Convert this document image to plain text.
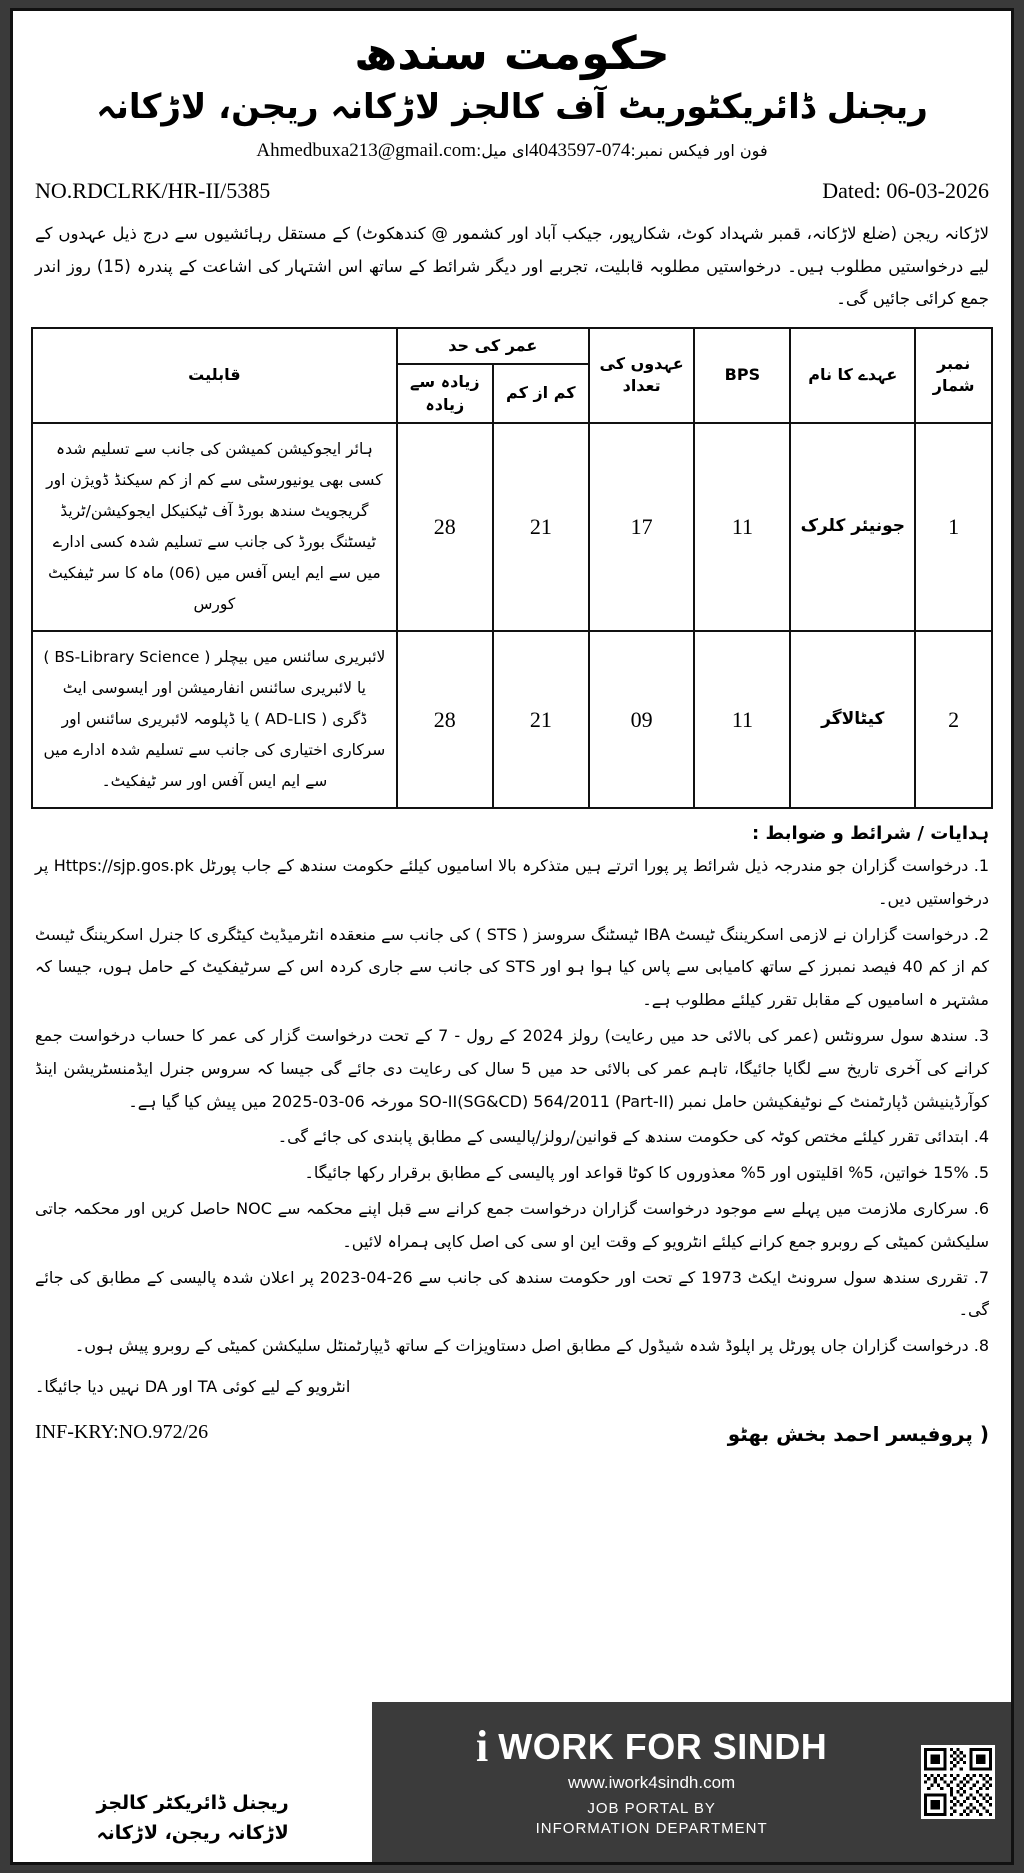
حکومت سندھ
ریجنل ڈائریکٹوریٹ آف کالجز لاڑکانہ ریجن، لاڑکانہ
فون اور فیکس نمبر:074-4043597ای میل:Ahmedbuxa213@gmail.com
NO.RDCLRK/HR-II/5385	Dated: 06-03-2026
لاڑکانہ ریجن (ضلع لاڑکانہ، قمبر شہداد کوٹ، شکارپور، جیکب آباد اور کشمور @ کندھکوٹ) کے مستقل رہائشیوں سے درج ذیل عہدوں کے لیے درخواستیں مطلوب ہیں۔ درخواستیں مطلوبہ قابلیت، تجربے اور دیگر شرائط کے ساتھ اس اشتہار کی اشاعت کے پندرہ (15) روز اندر جمع کرائی جائیں گی۔
نمبر شمار	عہدے کا نام	BPS	عہدوں کی تعداد	عمر کی حد		قابلیت
				کم از کم	زیادہ سے زیادہ	
1	جونیئر کلرک	11	17	21	28	ہائر ایجوکیشن کمیشن کی جانب سے تسلیم شدہ کسی بھی یونیورسٹی سے کم از کم سیکنڈ ڈویژن اور گریجویٹ سندھ بورڈ آف ٹیکنیکل ایجوکیشن/ٹریڈ ٹیسٹنگ بورڈ کی جانب سے تسلیم شدہ کسی ادارے میں سے ایم ایس آفس میں (06) ماہ کا سر ٹیفکیٹ کورس
2	کیٹالاگر	11	09	21	28	لائبریری سائنس میں بیچلر ( BS-Library Science ) یا لائبریری سائنس انفارمیشن اور ایسوسی ایٹ ڈگری ( AD-LIS ) یا ڈپلومہ لائبریری سائنس اور سرکاری اختیاری کی جانب سے تسلیم شدہ ادارے میں سے ایم ایس آفس اور سر ٹیفکیٹ۔
ہدایات / شرائط و ضوابط :
1. درخواست گزاران جو مندرجہ ذیل شرائط پر پورا اترتے ہیں متذکرہ بالا اسامیوں کیلئے حکومت سندھ کے جاب پورٹل Https://sjp.gos.pk پر درخواستیں دیں۔
2. درخواست گزاران نے لازمی اسکریننگ ٹیسٹ IBA ٹیسٹنگ سروسز ( STS ) کی جانب سے منعقدہ انٹرمیڈیٹ کیٹگری کا جنرل اسکریننگ ٹیسٹ کم از کم 40 فیصد نمبرز کے ساتھ کامیابی سے پاس کیا ہوا ہو اور STS کی جانب سے جاری کردہ اس کے سرٹیفکیٹ کے حامل ہوں، جیسا کہ مشتہر ہ اسامیوں کے مقابل تقرر کیلئے مطلوب ہے۔
3. سندھ سول سرونٹس (عمر کی بالائی حد میں رعایت) رولز 2024 کے رول - 7 کے تحت درخواست گزار کی عمر کا حساب درخواست جمع کرانے کی آخری تاریخ سے لگایا جائیگا، تاہم عمر کی بالائی حد میں 5 سال کی رعایت دی جائے گی جیسا کہ سروس جنرل ایڈمنسٹریشن اینڈ کوآرڈینیشن ڈپارٹمنٹ کے نوٹیفکیشن حامل نمبر SO-II(SG&CD) 564/2011 (Part-II) مورخہ 06-03-2025 میں پیش کیا گیا ہے۔
4. ابتدائی تقرر کیلئے مختص کوٹہ کی حکومت سندھ کے قوانین/رولز/پالیسی کے مطابق پابندی کی جائے گی۔
5. 15% خواتین، 5% اقلیتوں اور 5% معذوروں کا کوٹا قواعد اور پالیسی کے مطابق برقرار رکھا جائیگا۔
6. سرکاری ملازمت میں پہلے سے موجود درخواست گزاران درخواست جمع کرانے سے قبل اپنے محکمہ سے NOC حاصل کریں اور محکمہ جاتی سلیکشن کمیٹی کے روبرو جمع کرانے کیلئے انٹرویو کے وقت این او سی کی اصل کاپی ہمراہ لائیں۔
7. تقرری سندھ سول سرونٹ ایکٹ 1973 کے تحت اور حکومت سندھ کی جانب سے 26-04-2023 پر اعلان شدہ پالیسی کے مطابق کی جائے گی۔
8. درخواست گزاران جاں پورٹل پر اپلوڈ شدہ شیڈول کے مطابق اصل دستاویزات کے ساتھ ڈیپارٹمنٹل سلیکشن کمیٹی کے روبرو پیش ہوں۔
انٹرویو کے لیے کوئی TA اور DA نہیں دیا جائیگا۔
( پروفیسر احمد بخش بھٹو
INF-KRY:NO.972/26
ریجنل ڈائریکٹر کالجز
لاڑکانہ ریجن، لاڑکانہ
i WORK FOR SINDH
www.iwork4sindh.com
JOB PORTAL BY
INFORMATION DEPARTMENT
